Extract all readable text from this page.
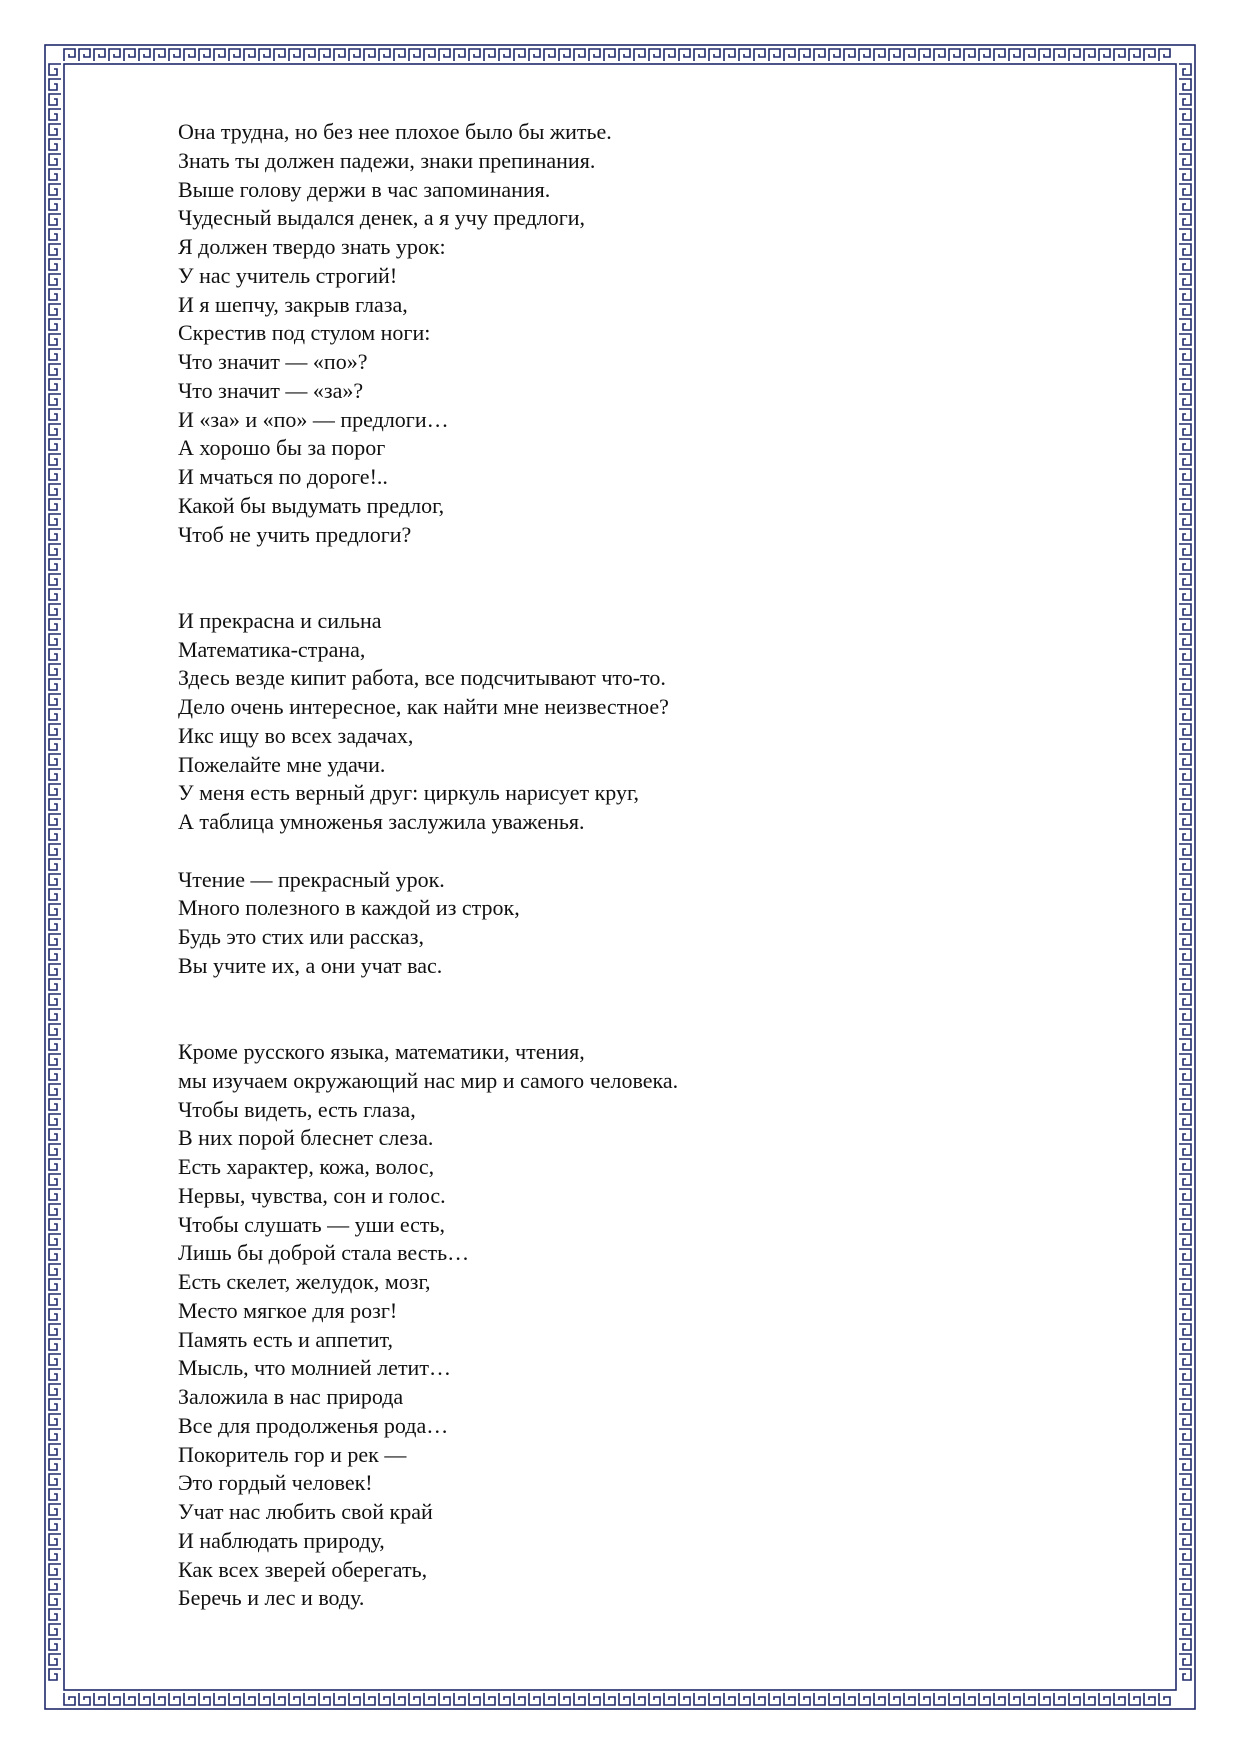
Она трудна, но без нее плохое было бы житье.
Знать ты должен падежи, знаки препинания.
Выше голову держи в час запоминания.
Чудесный выдался денек, а я учу предлоги,
Я должен твердо знать урок:
У нас учитель строгий!
И я шепчу, закрыв глаза,
Скрестив под стулом ноги:
Что значит — «по»?
Что значит — «за»?
И «за» и «по» — предлоги…
А хорошо бы за порог
И мчаться по дороге!..
Какой бы выдумать предлог,
Чтоб не учить предлоги?
И прекрасна и сильна
Математика-страна,
Здесь везде кипит работа, все подсчитывают что-то.
Дело очень интересное, как найти мне неизвестное?
Икс ищу во всех задачах,
Пожелайте мне удачи.
У меня есть верный друг: циркуль нарисует круг,
А таблица умноженья заслужила уваженья.
Чтение — прекрасный урок.
Много полезного в каждой из строк,
Будь это стих или рассказ,
Вы учите их, а они учат вас.
Кроме русского языка, математики, чтения,
мы изучаем окружающий нас мир и самого человека.
Чтобы видеть, есть глаза,
В них порой блеснет слеза.
Есть характер, кожа, волос,
Нервы, чувства, сон и голос.
Чтобы слушать — уши есть,
Лишь бы доброй стала весть…
Есть скелет, желудок, мозг,
Место мягкое для розг!
Память есть и аппетит,
Мысль, что молнией летит…
Заложила в нас природа
Все для продолженья рода…
Покоритель гор и рек —
Это гордый человек!
Учат нас любить свой край
И наблюдать природу,
Как всех зверей оберегать,
Беречь и лес и воду.
